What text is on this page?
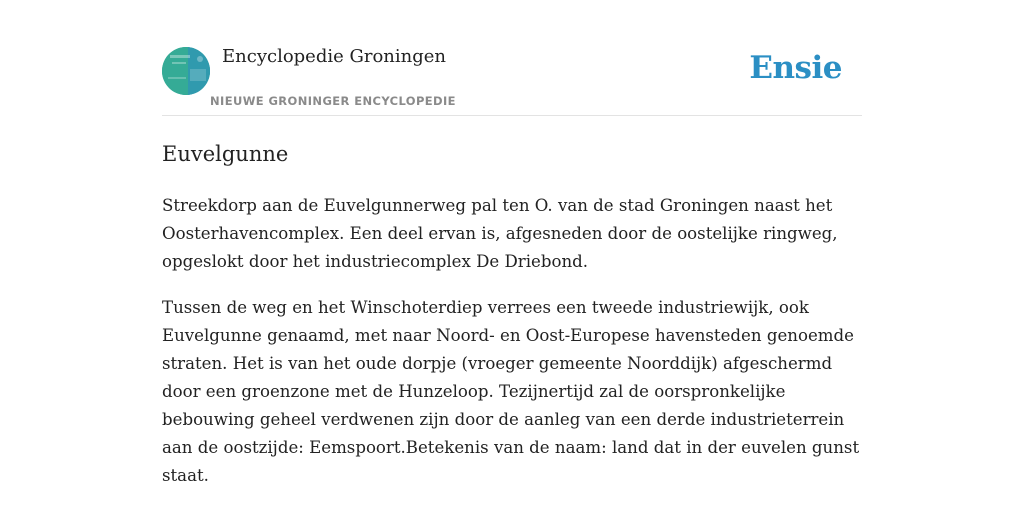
Encyclopedie Groningen
NIEUWE GRONINGER ENCYCLOPEDIE
Ensie
Euvelgunne

Streekdorp aan de Euvelgunnerweg pal ten O. van de stad Groningen naast het Oosterhavencomplex. Een deel ervan is, afgesneden door de oostelijke ringweg, opgeslokt door het industriecomplex De Driebond.

Tussen de weg en het Winschoterdiep verrees een tweede industriewijk, ook Euvelgunne genaamd, met naar Noord- en Oost-Europese havensteden genoemde straten. Het is van het oude dorpje (vroeger gemeente Noorddijk) afgeschermd door een groenzone met de Hunzeloop. Tezijnertijd zal de oorspronkelijke bebouwing geheel verdwenen zijn door de aanleg van een derde industrieterrein aan de oostzijde: Eemspoort.Betekenis van de naam: land dat in der euvelen gunst staat.
